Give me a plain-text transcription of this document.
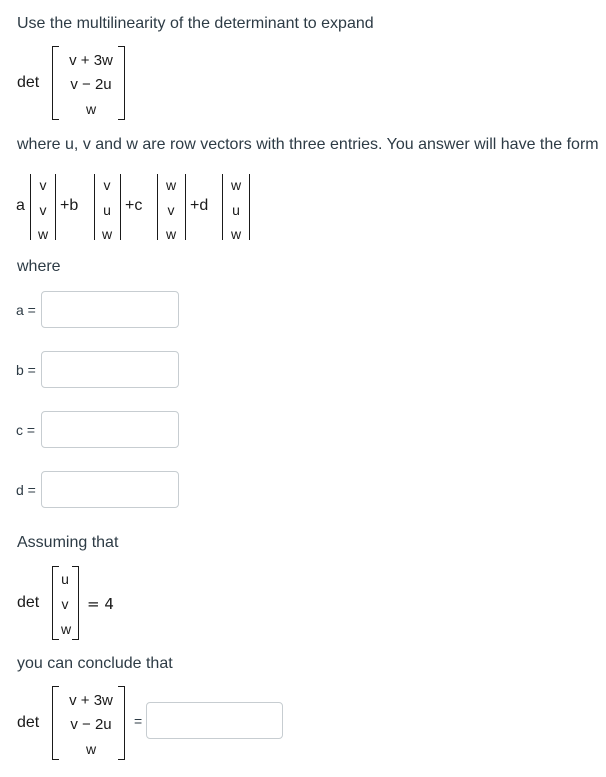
Use the multilinearity of the determinant to expand
det
v + 3w
v − 2u
w
where u, v and w are row vectors with three entries. You answer will have the form
a
v
v
w
+b
v
u
w
+c
w
v
w
+d
w
u
w
where
a =
b =
c =
d =
Assuming that
det
u
v
w
= 4
you can conclude that
det
v + 3w
v − 2u
w
=
